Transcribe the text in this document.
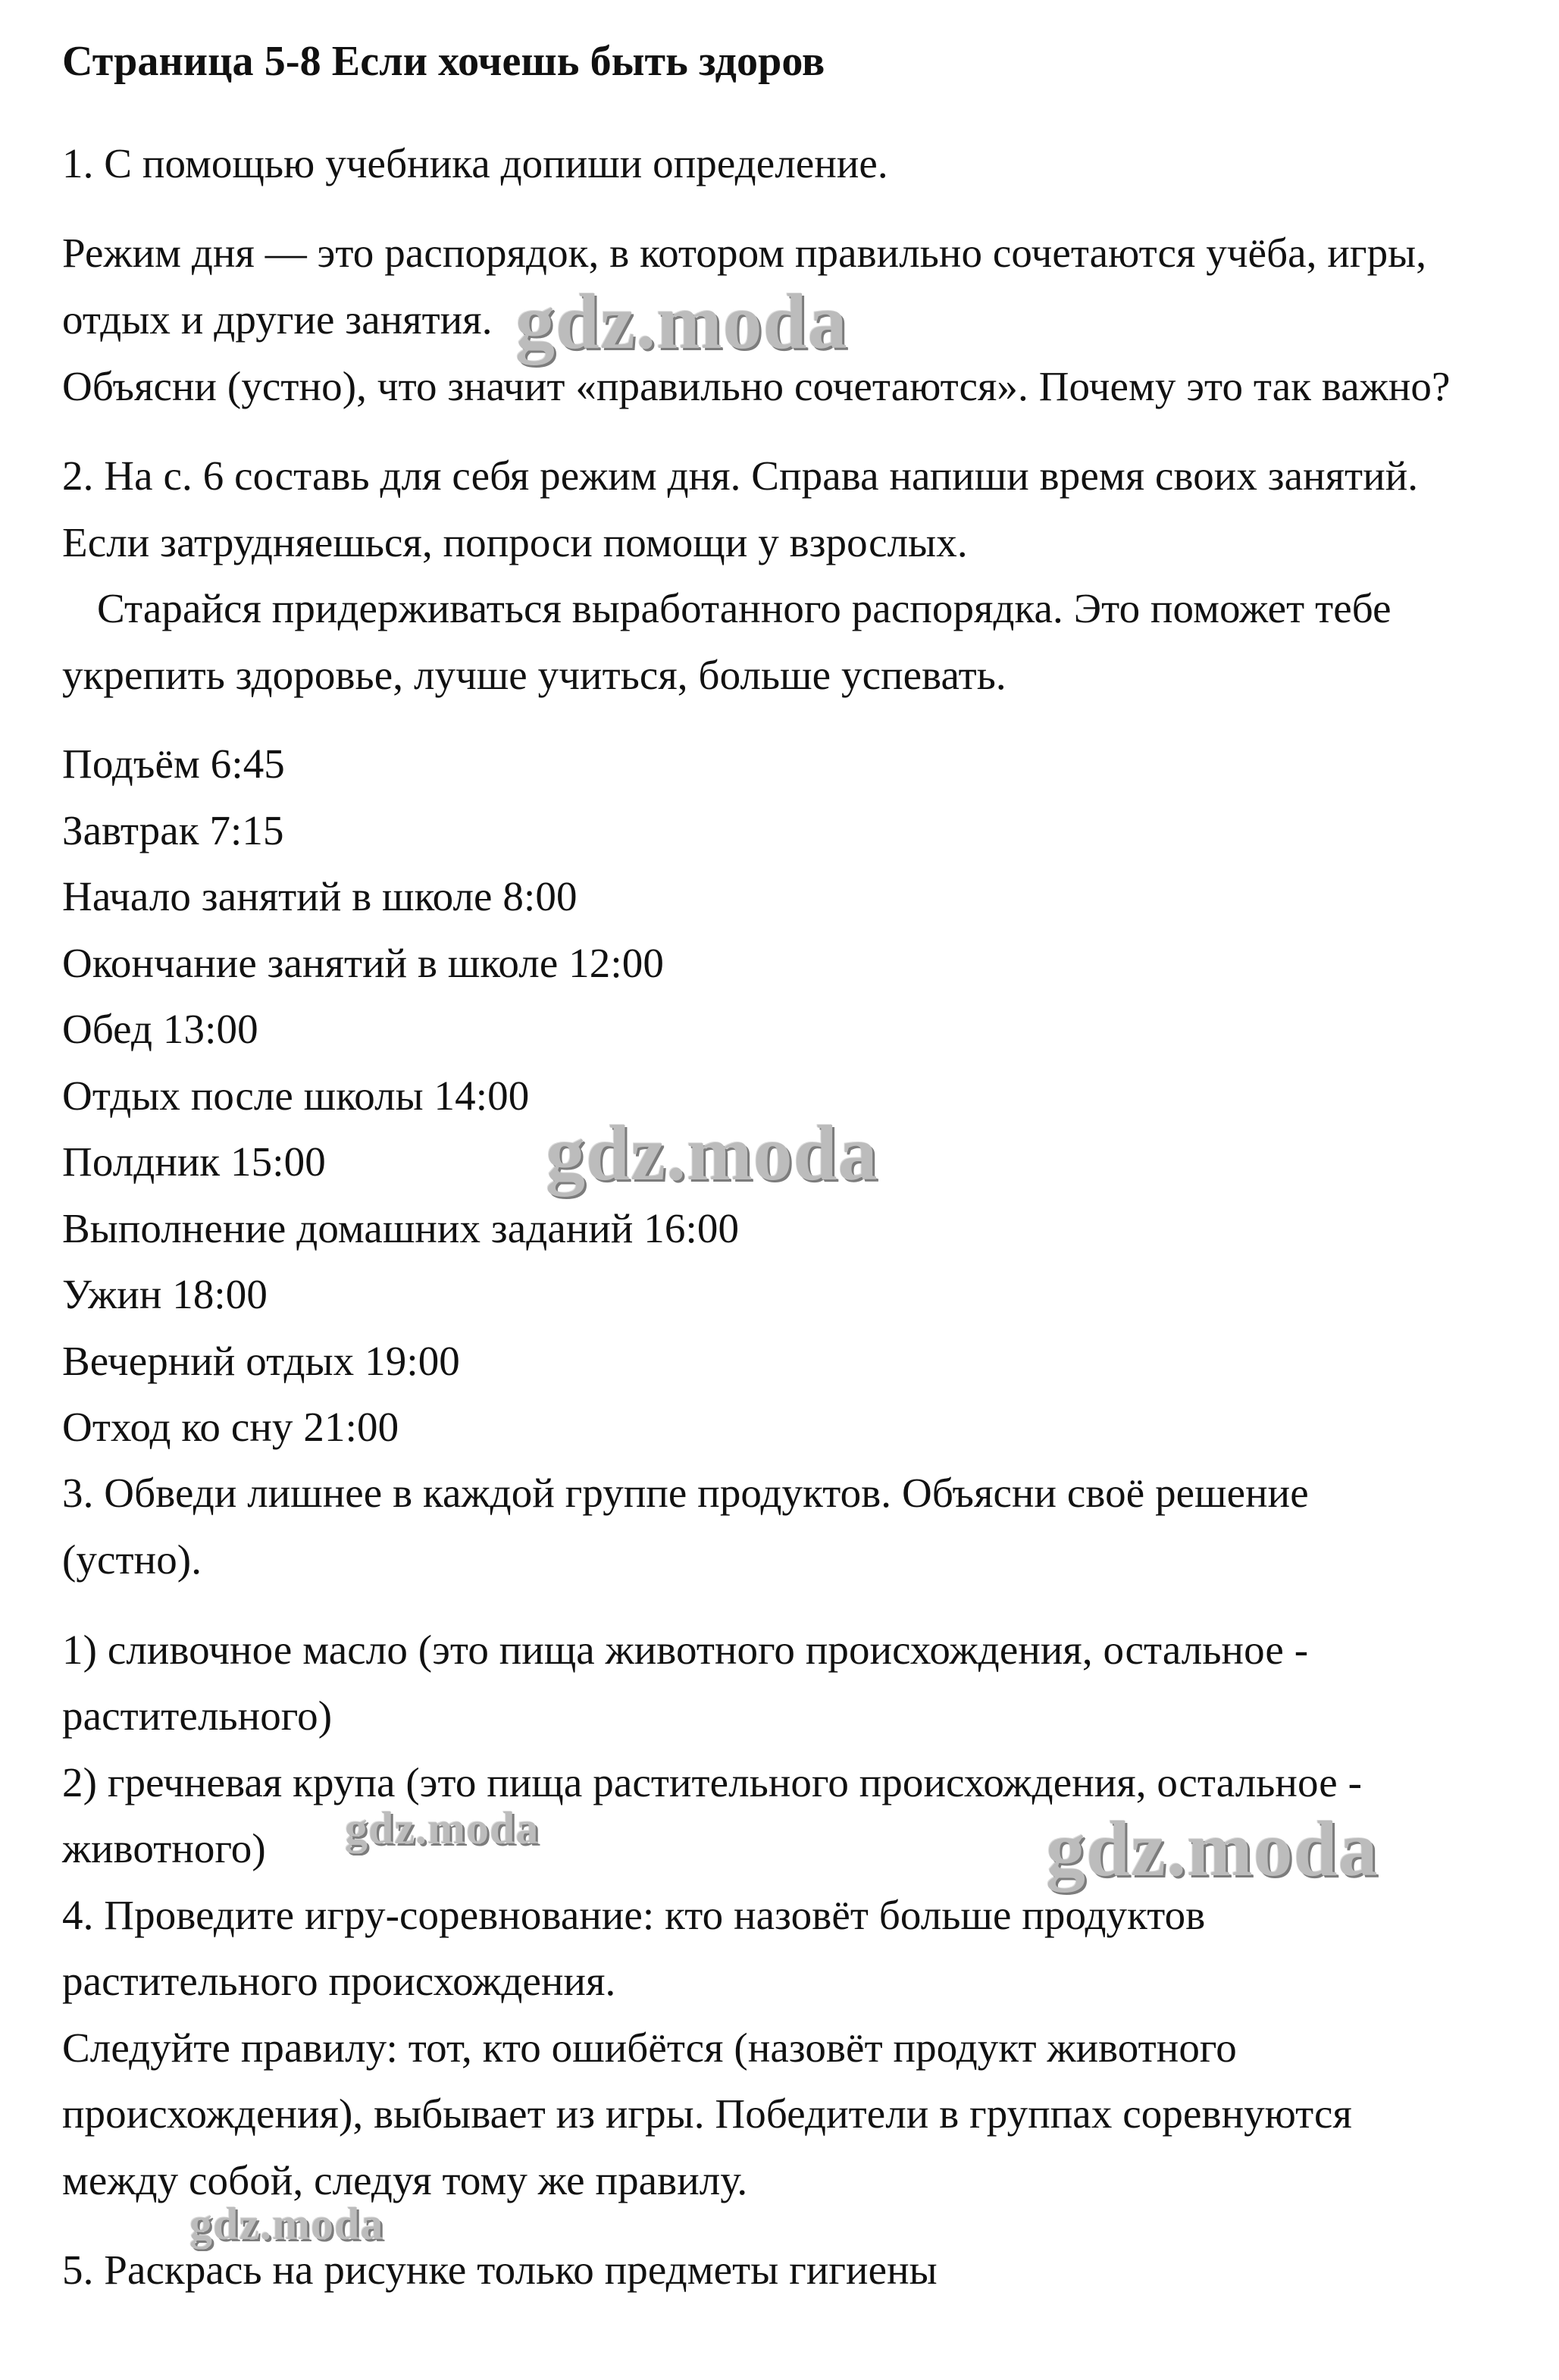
Страница 5-8 Если хочешь быть здоров

1. С помощью учебника допиши определение.

Режим дня — это распорядок, в котором правильно сочетаются учёба, игры,

отдых и другие занятия.

Объясни (устно), что значит «правильно сочетаются». Почему это так важно?

2. На с. 6 составь для себя режим дня. Справа напиши время своих занятий.

Если затрудняешься, попроси помощи у взрослых.

Старайся придерживаться выработанного распорядка. Это поможет тебе

укрепить здоровье, лучше учиться, больше успевать.

Подъём 6:45

Завтрак 7:15

Начало занятий в школе 8:00

Окончание занятий в школе 12:00

Обед 13:00

Отдых после школы 14:00

Полдник 15:00

Выполнение домашних заданий 16:00

Ужин 18:00

Вечерний отдых 19:00

Отход ко сну 21:00

3. Обведи лишнее в каждой группе продуктов. Объясни своё решение

(устно).

1) сливочное масло (это пища животного происхождения, остальное -

растительного)

2) гречневая крупа (это пища растительного происхождения, остальное -

животного)

4. Проведите игру-соревнование: кто назовёт больше продуктов

растительного происхождения.

Следуйте правилу: тот, кто ошибётся (назовёт продукт животного

происхождения), выбывает из игры. Победители в группах соревнуются

между собой, следуя тому же правилу.

5. Раскрась на рисунке только предметы гигиены

gdz.moda

gdz.moda

gdz.moda	gdz.moda

gdz.moda
